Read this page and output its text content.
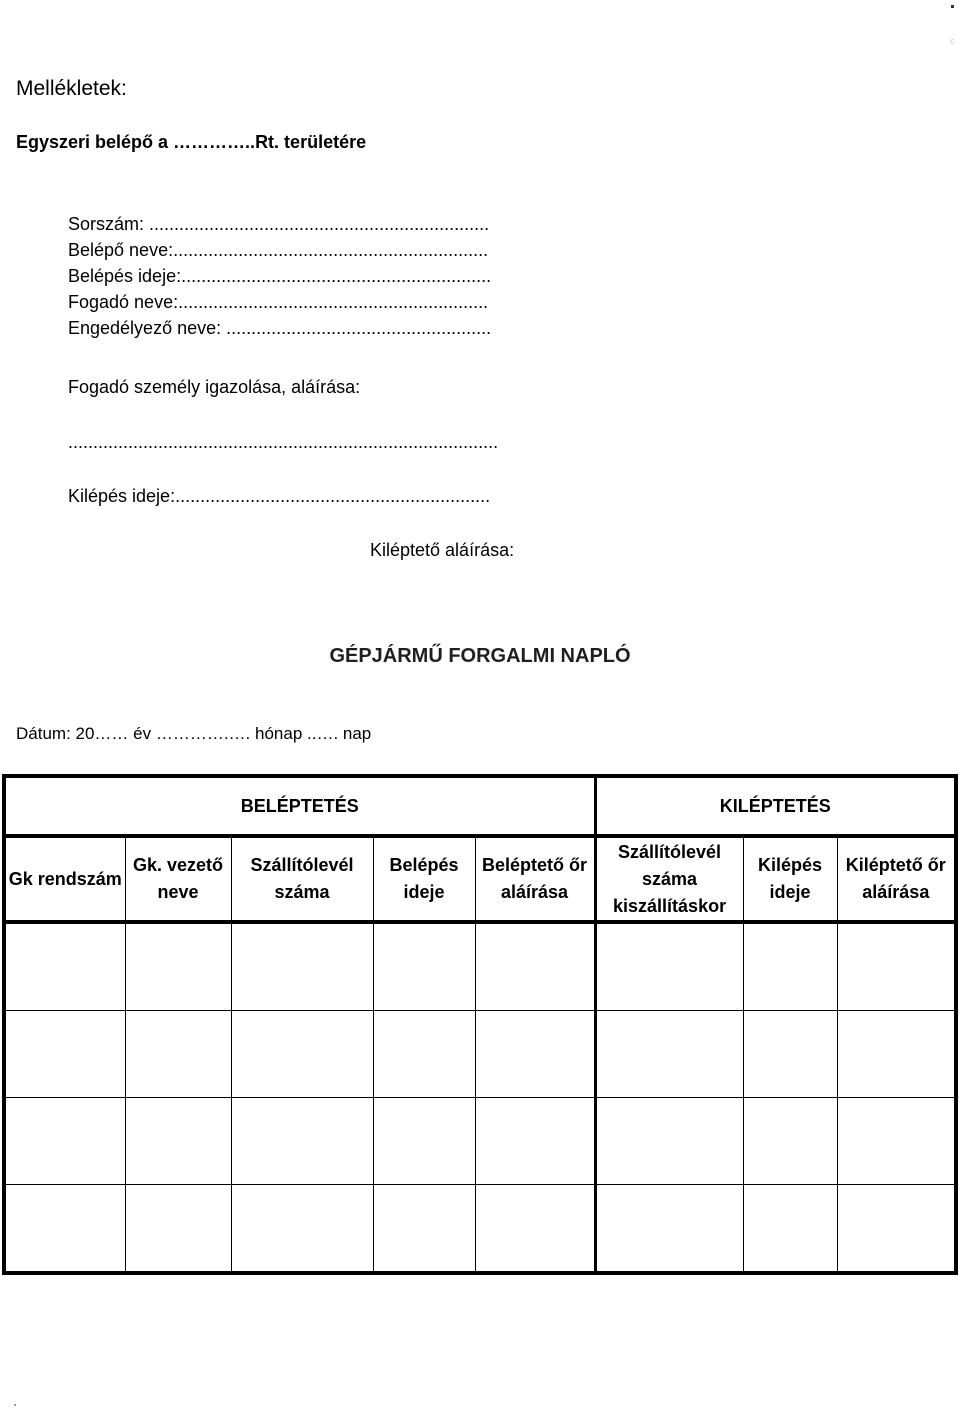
c
Mellékletek:
Egyszeri belépő a …………..Rt. területére
Sorszám: ....................................................................
Belépő neve:...............................................................
Belépés ideje:..............................................................
Fogadó neve:..............................................................
Engedélyező neve: .....................................................
Fogadó személy igazolása, aláírása:
......................................................................................
Kilépés ideje:...............................................................
Kiléptető aláírása:
GÉPJÁRMŰ FORGALMI NAPLÓ
Dátum: 20…… év ………….…. hónap ..…. nap
BELÉPTETÉS					KILÉPTETÉS		
Gk rendszám	Gk. vezető neve	Szállítólevél száma	Belépés ideje	Beléptető őr aláírása	Szállítólevél száma kiszállításkor	Kilépés ideje	Kiléptető őr aláírása
